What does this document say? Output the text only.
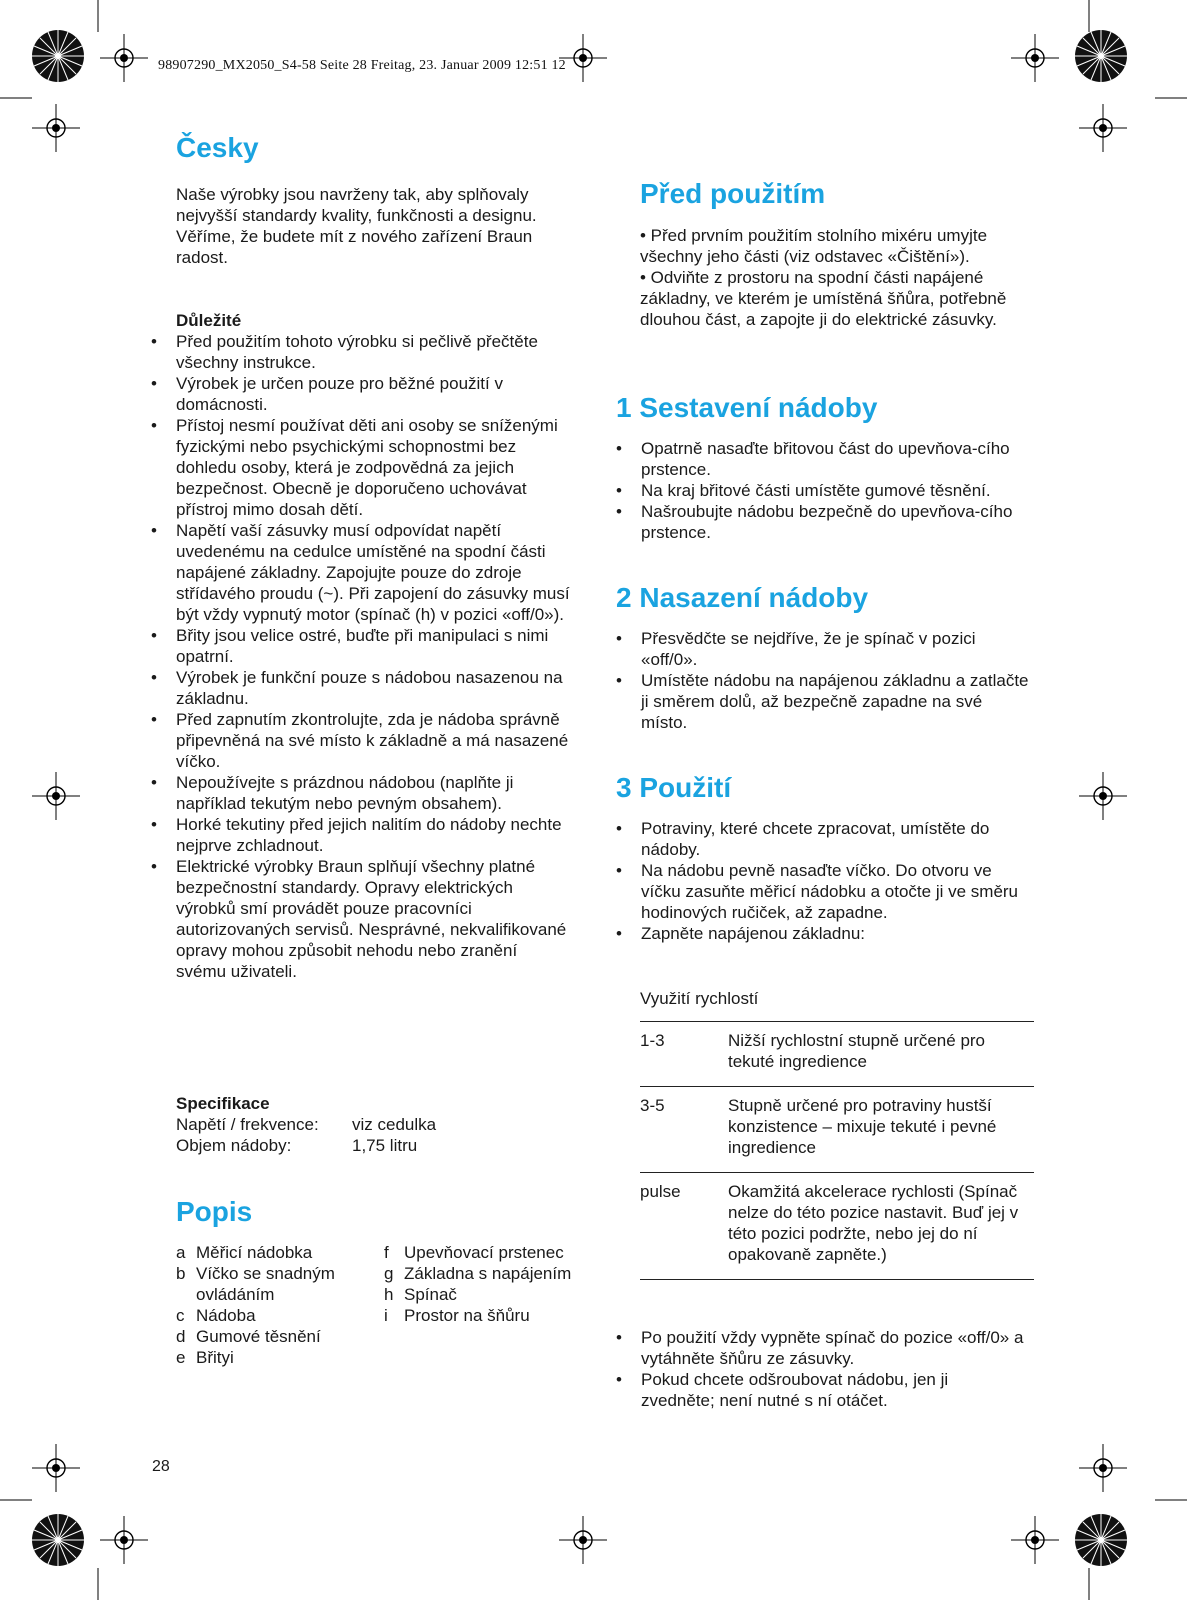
98907290_MX2050_S4-58 Seite 28 Freitag, 23. Januar 2009 12:51 12
Česky
Naše výrobky jsou navrženy tak, aby splňovaly nejvyšší standardy kvality, funkčnosti a designu. Věříme, že budete mít z nového zařízení Braun radost.
Důležité
• Před použitím tohoto výrobku si pečlivě přečtěte všechny instrukce.
• Výrobek je určen pouze pro běžné použití v domácnosti.
• Přístoj nesmí používat děti ani osoby se sníženými fyzickými nebo psychickými schopnostmi bez dohledu osoby, která je zodpovědná za jejich bezpečnost. Obecně je doporučeno uchovávat přístroj mimo dosah dětí.
• Napětí vaší zásuvky musí odpovídat napětí uvedenému na cedulce umístěné na spodní části napájené základny. Zapojujte pouze do zdroje střídavého proudu (~). Při zapojení do zásuvky musí být vždy vypnutý motor (spínač (h) v pozici «off/0»).
• Břity jsou velice ostré, buďte při manipulaci s nimi opatrní.
• Výrobek je funkční pouze s nádobou nasazenou na základnu.
• Před zapnutím zkontrolujte, zda je nádoba správně připevněná na své místo k základně a má nasazené víčko.
• Nepoužívejte s prázdnou nádobou (naplňte ji například tekutým nebo pevným obsahem).
• Horké tekutiny před jejich nalitím do nádoby nechte nejprve zchladnout.
• Elektrické výrobky Braun splňují všechny platné bezpečnostní standardy. Opravy elektrických výrobků smí provádět pouze pracovníci autorizovaných servisů. Nesprávné, nekvalifikované opravy mohou způsobit nehodu nebo zranění svému uživateli.
Specifikace
Napětí / frekvence:	viz cedulka
Objem nádoby:	1,75 litru
Popis
a Měřicí nádobka
b Víčko se snadným ovládáním
c Nádoba
d Gumové těsnění
e Břityi
f Upevňovací prstenec
g Základna s napájením
h Spínač
i Prostor na šňůru
28
Před použitím

• Před prvním použitím stolního mixéru umyjte všechny jeho části (viz odstavec «Čištění»).

• Odviňte z prostoru na spodní části napájené základny, ve kterém je umístěná šňůra, potřebně dlouhou část, a zapojte ji do elektrické zásuvky.

1 Sestavení nádoby
• Opatrně nasaďte břitovou část do upevňova-cího prstence.
• Na kraj břitové části umístěte gumové těsnění.
• Našroubujte nádobu bezpečně do upevňova-cího prstence.
2 Nasazení nádoby
• Přesvědčte se nejdříve, že je spínač v pozici «off/0».
• Umístěte nádobu na napájenou základnu a zatlačte ji směrem dolů, až bezpečně zapadne na své místo.
3 Použití
• Potraviny, které chcete zpracovat, umístěte do nádoby.
• Na nádobu pevně nasaďte víčko. Do otvoru ve víčku zasuňte měřicí nádobku a otočte ji ve směru hodinových ručiček, až zapadne.
• Zapněte napájenou základnu:
Využití rychlostí
1-3	Nižší rychlostní stupně určené pro tekuté ingredience
3-5	Stupně určené pro potraviny hustší konzistence – mixuje tekuté i pevné ingredience
pulse	Okamžitá akcelerace rychlosti (Spínač nelze do této pozice nastavit. Buď jej v této pozici podržte, nebo jej do ní opakovaně zapněte.)
• Po použití vždy vypněte spínač do pozice «off/0» a vytáhněte šňůru ze zásuvky.
• Pokud chcete odšroubovat nádobu, jen ji zvedněte; není nutné s ní otáčet.
